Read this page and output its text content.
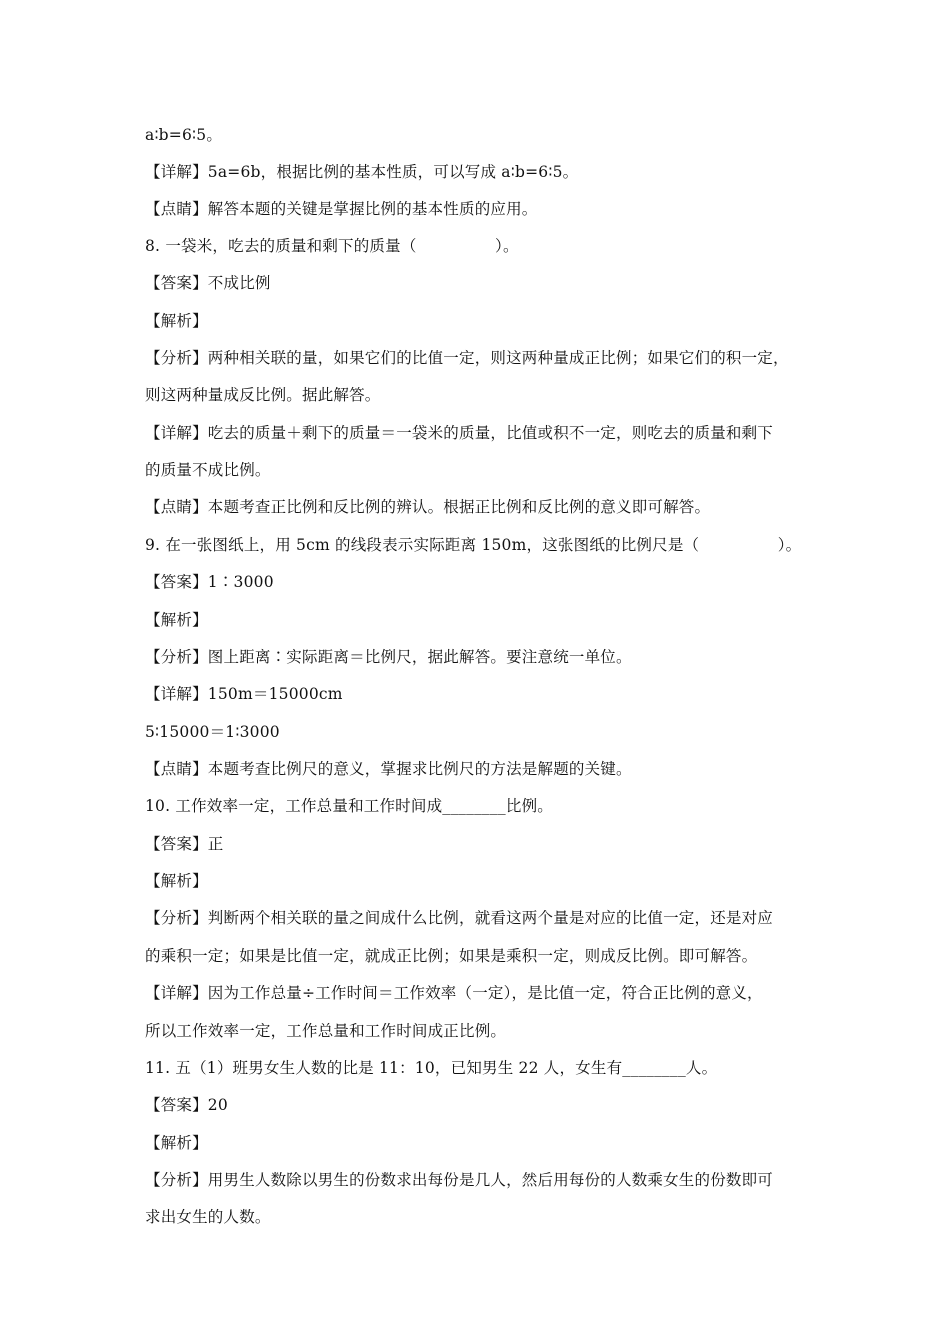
a∶b=6∶5。
【详解】5a=6b，根据比例的基本性质，可以写成 a∶b=6∶5。
【点睛】解答本题的关键是掌握比例的基本性质的应用。
8. 一袋米，吃去的质量和剩下的质量（　　　　　）。
【答案】不成比例
【解析】
【分析】两种相关联的量，如果它们的比值一定，则这两种量成正比例；如果它们的积一定，
则这两种量成反比例。据此解答。
【详解】吃去的质量＋剩下的质量＝一袋米的质量，比值或积不一定，则吃去的质量和剩下
的质量不成比例。
【点睛】本题考查正比例和反比例的辨认。根据正比例和反比例的意义即可解答。
9. 在一张图纸上，用 5cm 的线段表示实际距离 150m，这张图纸的比例尺是（　　　　　）。
【答案】1∶3000
【解析】
【分析】图上距离∶实际距离＝比例尺，据此解答。要注意统一单位。
【详解】150m＝15000cm
5∶15000＝1∶3000
【点睛】本题考查比例尺的意义，掌握求比例尺的方法是解题的关键。
10. 工作效率一定，工作总量和工作时间成________比例。
【答案】正
【解析】
【分析】判断两个相关联的量之间成什么比例，就看这两个量是对应的比值一定，还是对应
的乘积一定；如果是比值一定，就成正比例；如果是乘积一定，则成反比例。即可解答。
【详解】因为工作总量÷工作时间＝工作效率（一定），是比值一定，符合正比例的意义，
所以工作效率一定，工作总量和工作时间成正比例。
11. 五（1）班男女生人数的比是 11：10，已知男生 22 人，女生有________人。
【答案】20
【解析】
【分析】用男生人数除以男生的份数求出每份是几人，然后用每份的人数乘女生的份数即可
求出女生的人数。
